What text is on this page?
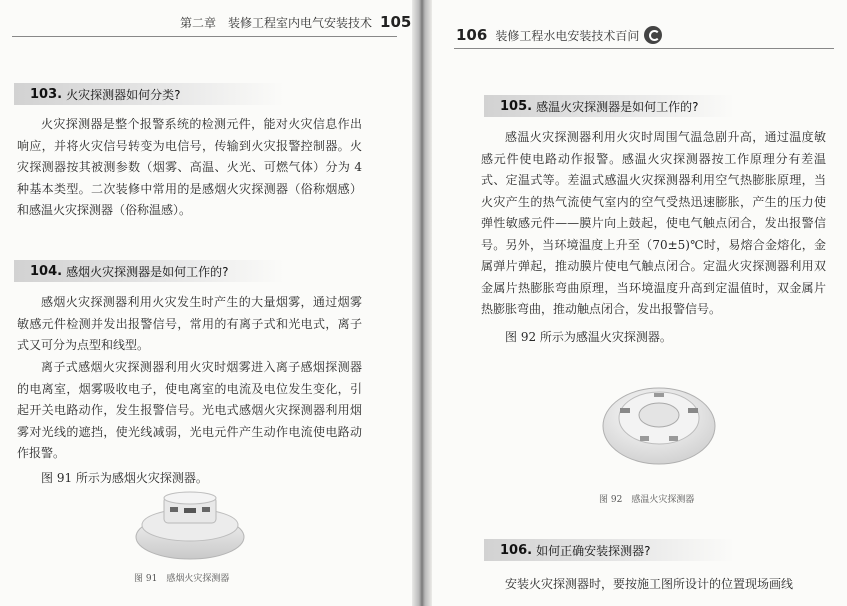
第二章　装修工程室内电气安装技术 105
103. 火灾探测器如何分类?
火灾探测器是整个报警系统的检测元件，能对火灾信息作出响应，并将火灾信号转变为电信号，传输到火灾报警控制器。火灾探测器按其被测参数（烟雾、高温、火光、可燃气体）分为 4 种基本类型。二次装修中常用的是感烟火灾探测器（俗称烟感）和感温火灾探测器（俗称温感）。
104. 感烟火灾探测器是如何工作的?
感烟火灾探测器利用火灾发生时产生的大量烟雾，通过烟雾敏感元件检测并发出报警信号，常用的有离子式和光电式，离子式又可分为点型和线型。
离子式感烟火灾探测器利用火灾时烟雾进入离子感烟探测器的电离室，烟雾吸收电子，使电离室的电流及电位发生变化，引起开关电路动作，发生报警信号。光电式感烟火灾探测器利用烟雾对光线的遮挡，使光线减弱，光电元件产生动作电流使电路动作报警。
图 91 所示为感烟火灾探测器。
图 91　感烟火灾探测器
106 装修工程水电安装技术百问
105. 感温火灾探测器是如何工作的?
感温火灾探测器利用火灾时周围气温急剧升高，通过温度敏感元件使电路动作报警。感温火灾探测器按工作原理分有差温式、定温式等。差温式感温火灾探测器利用空气热膨胀原理，当火灾产生的热气流使气室内的空气受热迅速膨胀，产生的压力使弹性敏感元件——膜片向上鼓起，使电气触点闭合，发出报警信号。另外，当环境温度上升至（70±5)℃时，易熔合金熔化，金属弹片弹起，推动膜片使电气触点闭合。定温火灾探测器利用双金属片热膨胀弯曲原理，当环境温度升高到定温值时，双金属片热膨胀弯曲，推动触点闭合，发出报警信号。
图 92 所示为感温火灾探测器。
图 92　感温火灾探测器
106. 如何正确安装探测器?
安装火灾探测器时，要按施工图所设计的位置现场画线
